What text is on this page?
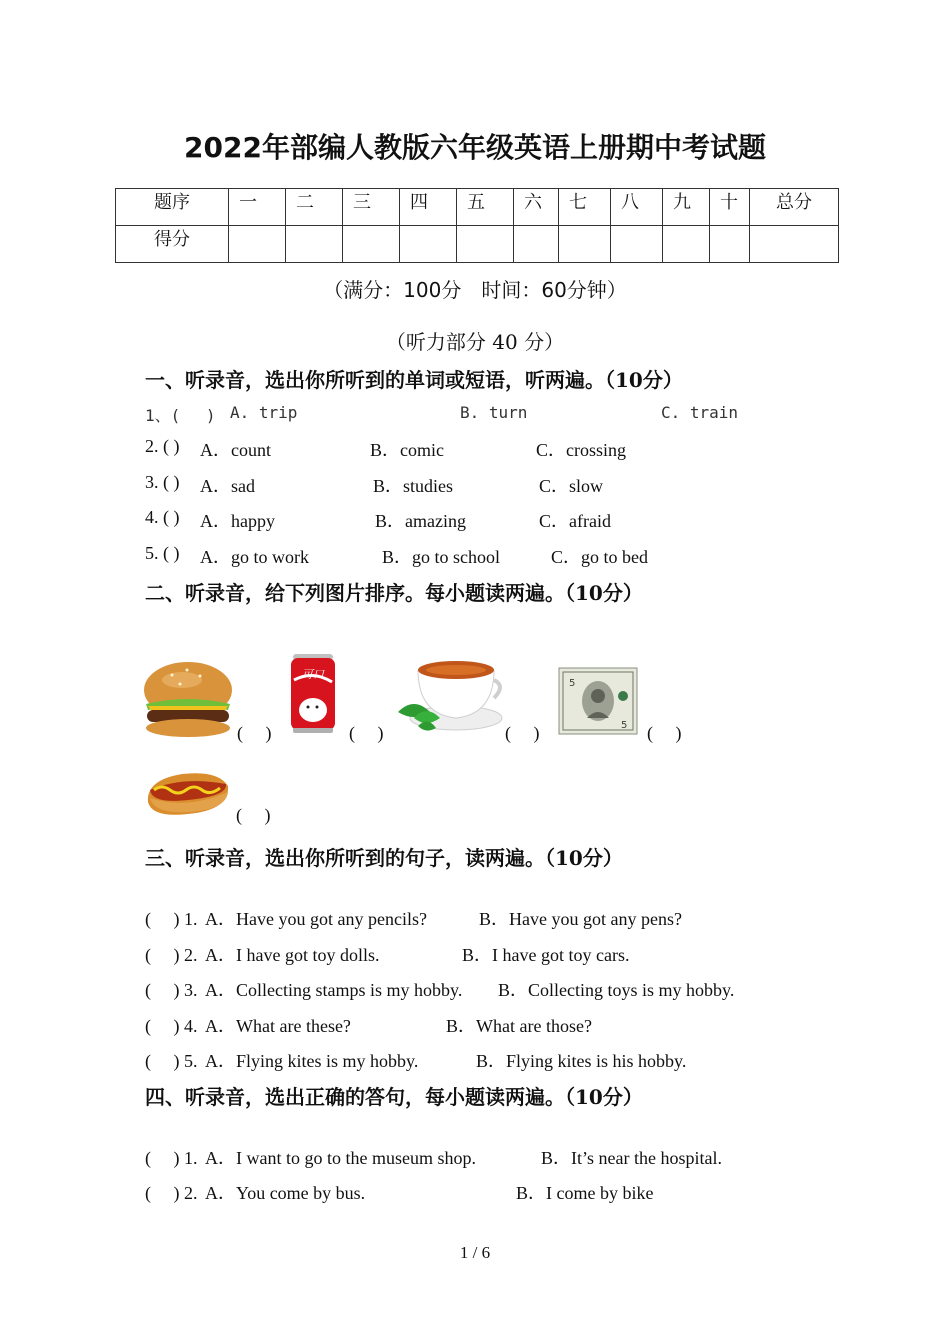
2022年部编人教版六年级英语上册期中考试题
题序	一	二	三	四	五	六	七	八	九	十	总分
得分											
（满分：100分　时间：60分钟）
（听力部分 40 分）
一、听录音，选出你所听到的单词或短语，听两遍。（10分）
1、(　 ) A. trip	B. turn	C. train
2. ( ) A．count	B．comic	C．crossing
3. ( ) A．sad	B．studies	C．slow
4. ( ) A．happy	B．amazing	C．afraid
5. ( ) A．go to work	B．go to school	C．go to bed
二、听录音，给下列图片排序。每小题读两遍。（10分）
(　 )
可口
(　 )	(　 )
5
5 (　 )
(　 )
三、听录音，选出你所听到的句子，读两遍。（10分）
(　 ) 1. A．Have you got any pencils?	B．Have you got any pens?
(　 ) 2. A．I have got toy dolls.	B．I have got toy cars.
(　 ) 3. A．Collecting stamps is my hobby. B．Collecting toys is my hobby.
(　 ) 4. A．What are these?	B．What are those?
(　 ) 5. A．Flying kites is my hobby.	B．Flying kites is his hobby.
四、听录音，选出正确的答句，每小题读两遍。（10分）
(　 ) 1. A．I want to go to the museum shop.	B．It’s near the hospital.
(　 ) 2. A．You come by bus.	B．I come by bike
1 / 6
